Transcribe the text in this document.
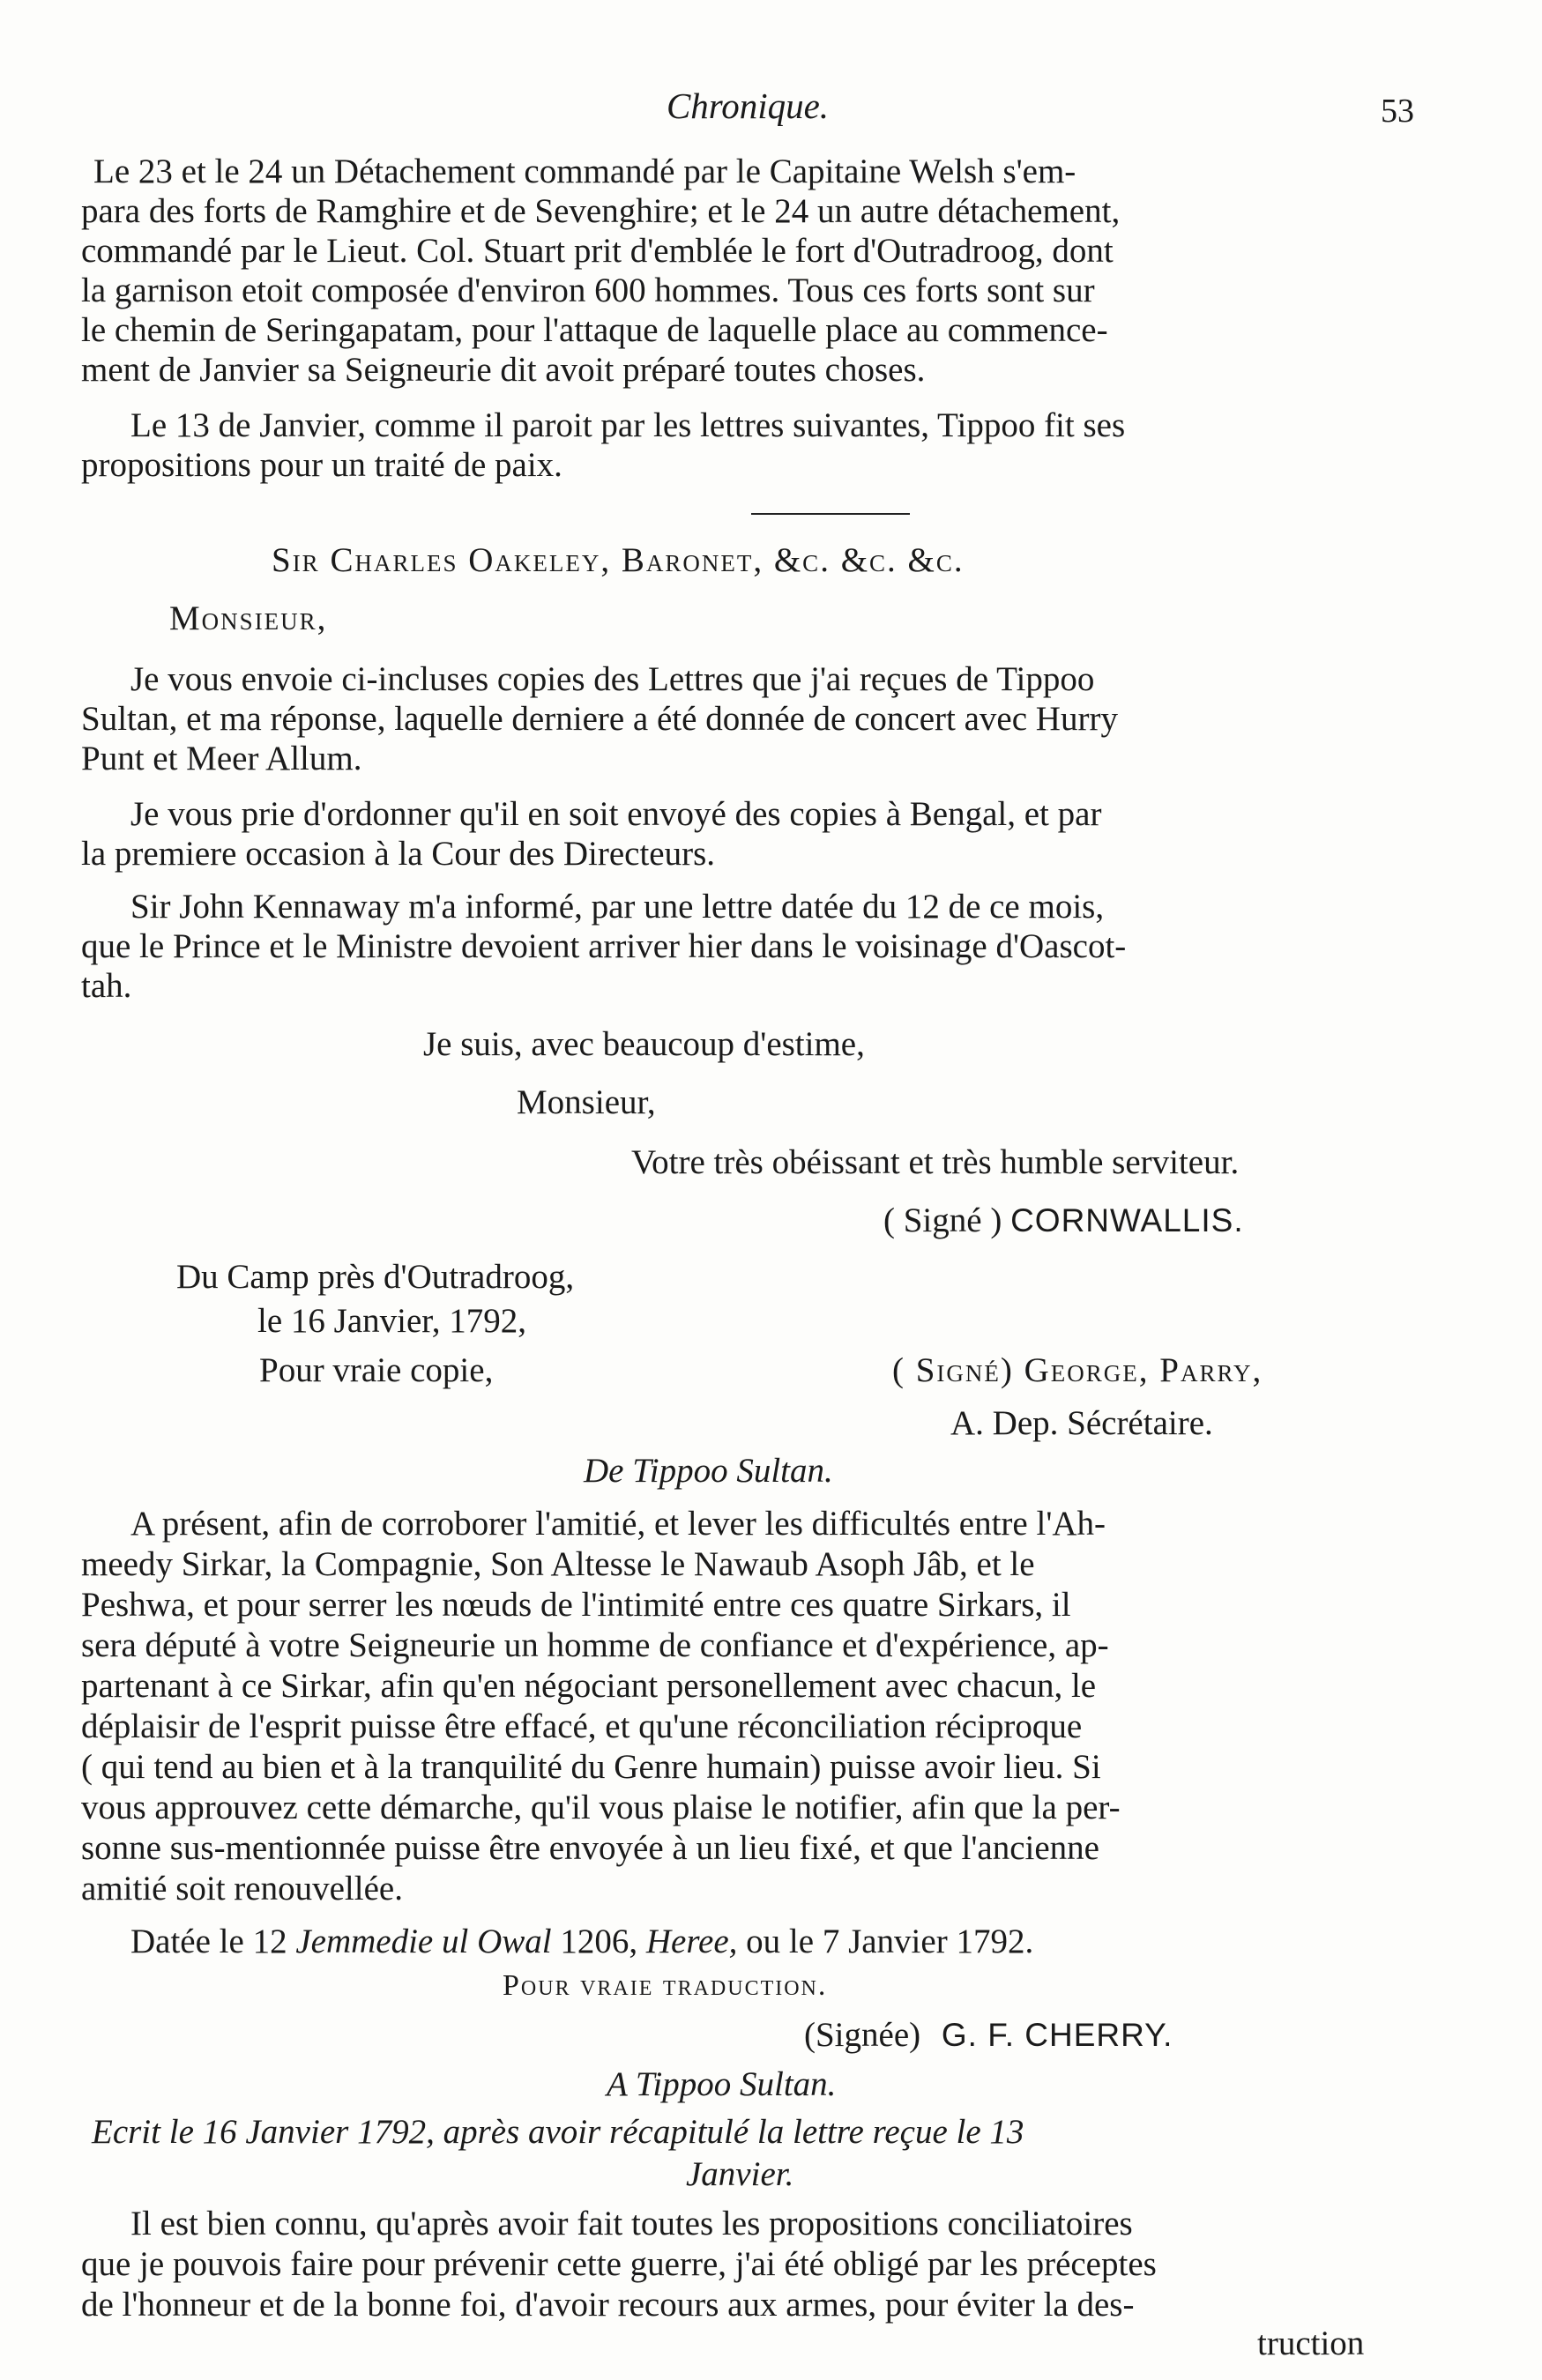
Chronique.	53
Le 23 et le 24 un Détachement commandé par le Capitaine Welsh s'em-
para des forts de Ramghire et de Sevenghire; et le 24 un autre détachement,
commandé par le Lieut. Col. Stuart prit d'emblée le fort d'Outradroog, dont
la garnison etoit composée d'environ 600 hommes. Tous ces forts sont sur
le chemin de Seringapatam, pour l'attaque de laquelle place au commence-
ment de Janvier sa Seigneurie dit avoit préparé toutes choses.
Le 13 de Janvier, comme il paroit par les lettres suivantes, Tippoo fit ses
propositions pour un traité de paix.
Sir Charles Oakeley, Baronet, &c. &c. &c.
Monsieur,
Je vous envoie ci-incluses copies des Lettres que j'ai reçues de Tippoo
Sultan, et ma réponse, laquelle derniere a été donnée de concert avec Hurry
Punt et Meer Allum.
Je vous prie d'ordonner qu'il en soit envoyé des copies à Bengal, et par
la premiere occasion à la Cour des Directeurs.
Sir John Kennaway m'a informé, par une lettre datée du 12 de ce mois,
que le Prince et le Ministre devoient arriver hier dans le voisinage d'Oascot-
tah.
Je suis, avec beaucoup d'estime,
Monsieur,
Votre très obéissant et très humble serviteur.
( Signé ) CORNWALLIS.
Du Camp près d'Outradroog,
le 16 Janvier, 1792,
Pour vraie copie,	( Signé) George, Parry,
A. Dep. Sécrétaire.
De Tippoo Sultan.
A présent, afin de corroborer l'amitié, et lever les difficultés entre l'Ah-
meedy Sirkar, la Compagnie, Son Altesse le Nawaub Asoph Jâb, et le
Peshwa, et pour serrer les nœuds de l'intimité entre ces quatre Sirkars, il
sera député à votre Seigneurie un homme de confiance et d'expérience, ap-
partenant à ce Sirkar, afin qu'en négociant personellement avec chacun, le
déplaisir de l'esprit puisse être effacé, et qu'une réconciliation réciproque
( qui tend au bien et à la tranquilité du Genre humain) puisse avoir lieu. Si
vous approuvez cette démarche, qu'il vous plaise le notifier, afin que la per-
sonne sus-mentionnée puisse être envoyée à un lieu fixé, et que l'ancienne
amitié soit renouvellée.
Datée le 12 Jemmedie ul Owal 1206, Heree, ou le 7 Janvier 1792.
Pour vraie traduction.
(Signée) G. F. CHERRY.
A Tippoo Sultan.
Ecrit le 16 Janvier 1792, après avoir récapitulé la lettre reçue le 13
Janvier.
Il est bien connu, qu'après avoir fait toutes les propositions conciliatoires
que je pouvois faire pour prévenir cette guerre, j'ai été obligé par les préceptes
de l'honneur et de la bonne foi, d'avoir recours aux armes, pour éviter la des-
truction
